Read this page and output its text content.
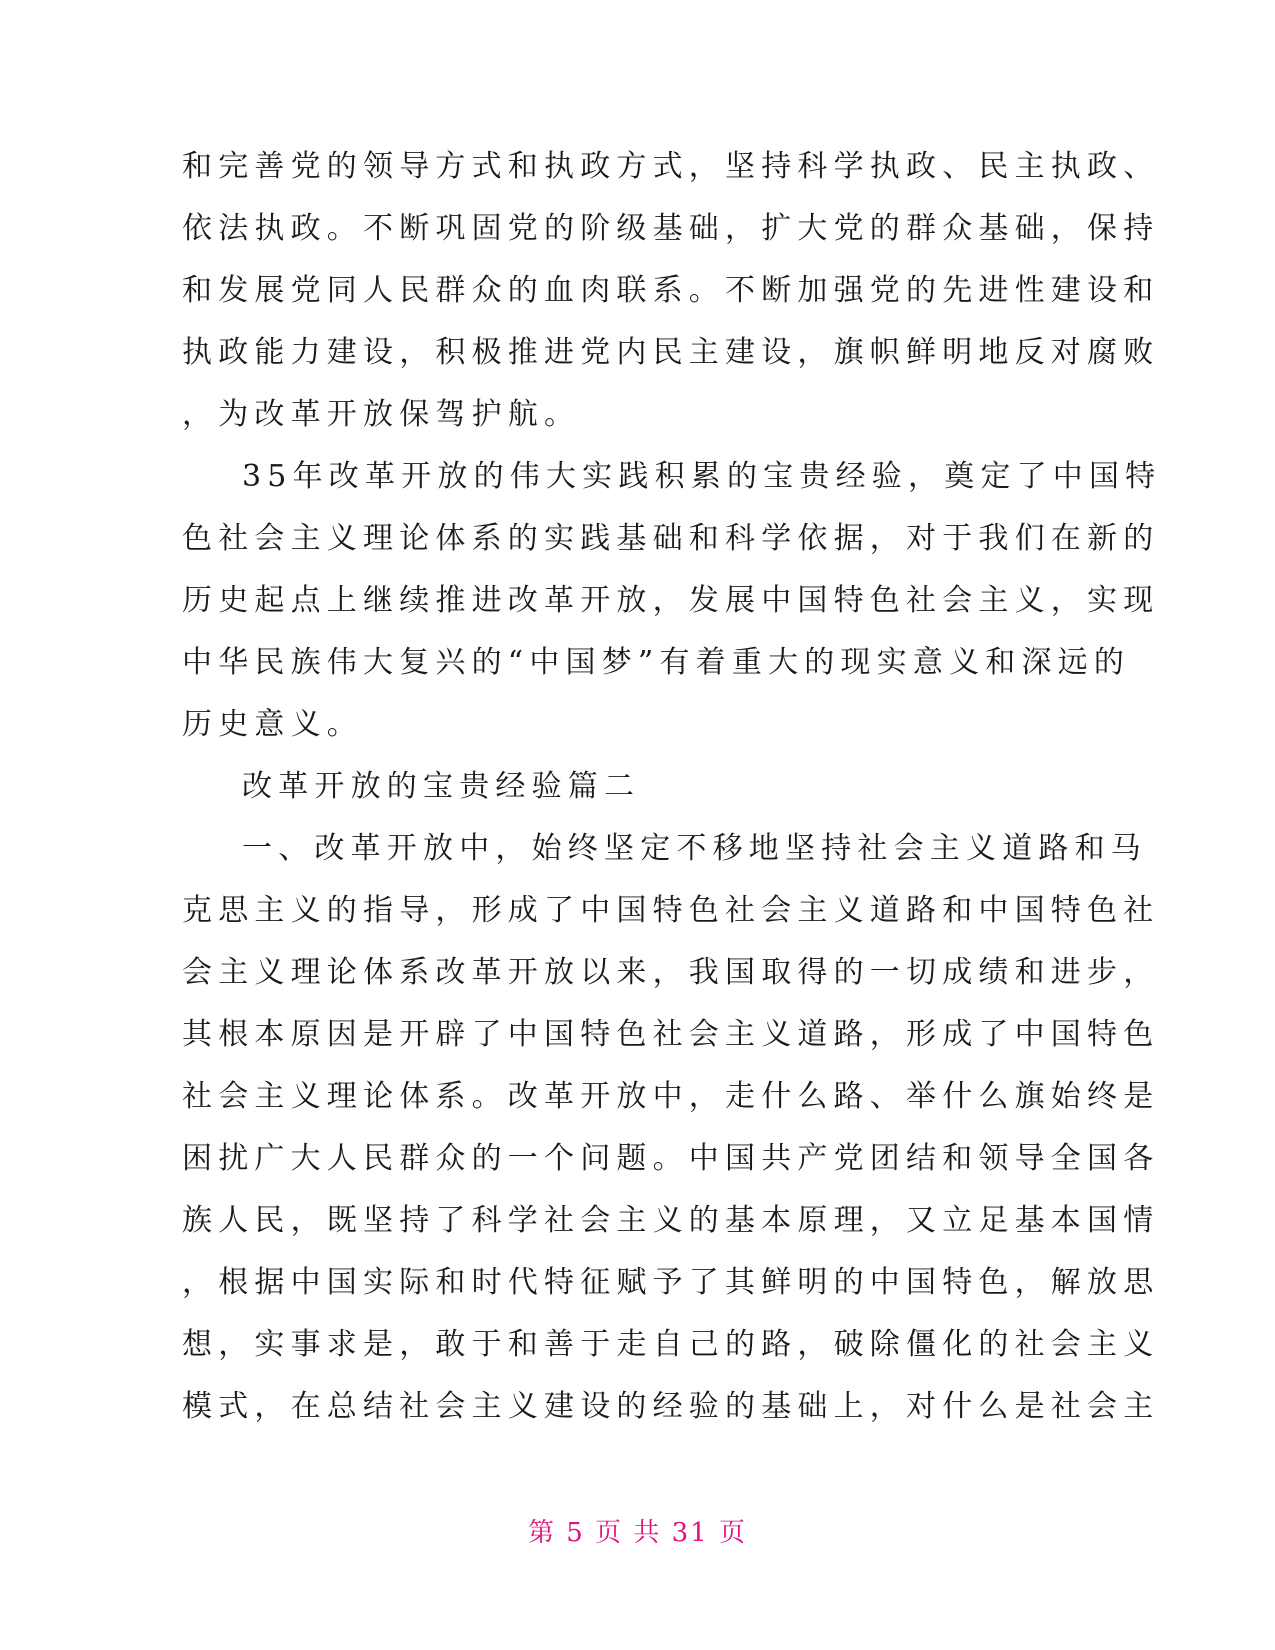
和完善党的领导方式和执政方式，坚持科学执政、民主执政、
依法执政。不断巩固党的阶级基础，扩大党的群众基础，保持
和发展党同人民群众的血肉联系。不断加强党的先进性建设和
执政能力建设，积极推进党内民主建设，旗帜鲜明地反对腐败
，为改革开放保驾护航。
35年改革开放的伟大实践积累的宝贵经验，奠定了中国特
色社会主义理论体系的实践基础和科学依据，对于我们在新的
历史起点上继续推进改革开放，发展中国特色社会主义，实现
中华民族伟大复兴的“中国梦”有着重大的现实意义和深远的
历史意义。
改革开放的宝贵经验篇二
一、改革开放中，始终坚定不移地坚持社会主义道路和马
克思主义的指导，形成了中国特色社会主义道路和中国特色社
会主义理论体系改革开放以来，我国取得的一切成绩和进步，
其根本原因是开辟了中国特色社会主义道路，形成了中国特色
社会主义理论体系。改革开放中，走什么路、举什么旗始终是
困扰广大人民群众的一个问题。中国共产党团结和领导全国各
族人民，既坚持了科学社会主义的基本原理，又立足基本国情
，根据中国实际和时代特征赋予了其鲜明的中国特色，解放思
想，实事求是，敢于和善于走自己的路，破除僵化的社会主义
模式，在总结社会主义建设的经验的基础上，对什么是社会主
第 5 页 共 31 页
